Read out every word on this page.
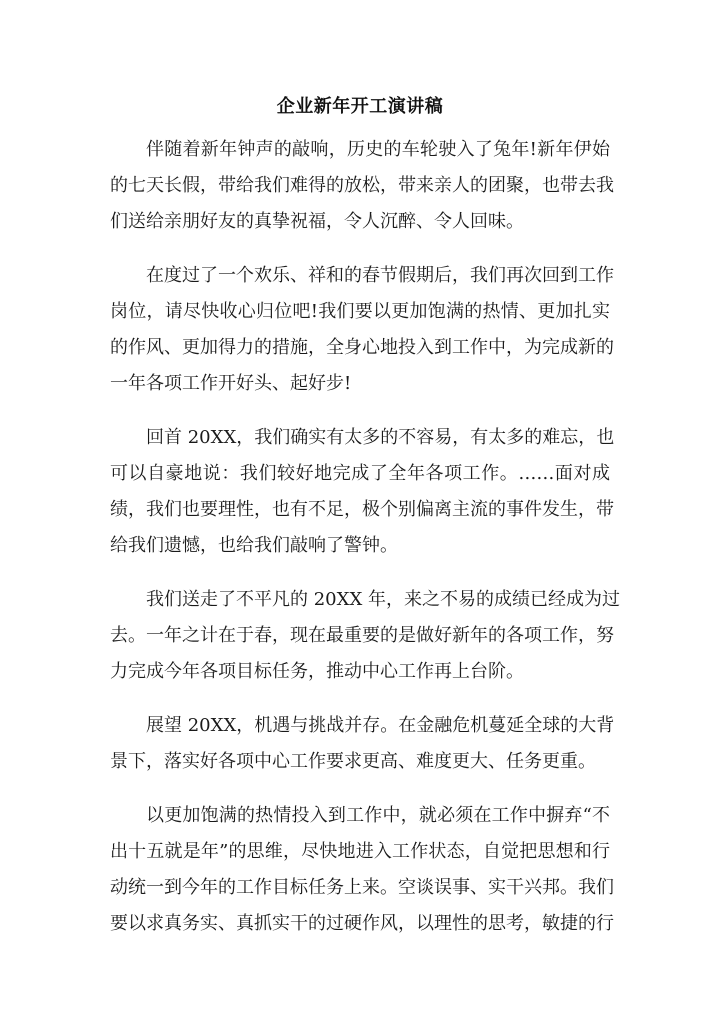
企业新年开工演讲稿
伴随着新年钟声的敲响，历史的车轮驶入了兔年!新年伊始
的七天长假，带给我们难得的放松，带来亲人的团聚，也带去我
们送给亲朋好友的真挚祝福，令人沉醉、令人回味。
在度过了一个欢乐、祥和的春节假期后，我们再次回到工作
岗位，请尽快收心归位吧!我们要以更加饱满的热情、更加扎实
的作风、更加得力的措施，全身心地投入到工作中，为完成新的
一年各项工作开好头、起好步!
回首 20XX，我们确实有太多的不容易，有太多的难忘，也
可以自豪地说：我们较好地完成了全年各项工作。……面对成
绩，我们也要理性，也有不足，极个别偏离主流的事件发生，带
给我们遗憾，也给我们敲响了警钟。
我们送走了不平凡的 20XX 年，来之不易的成绩已经成为过
去。一年之计在于春，现在最重要的是做好新年的各项工作，努
力完成今年各项目标任务，推动中心工作再上台阶。
展望 20XX，机遇与挑战并存。在金融危机蔓延全球的大背
景下，落实好各项中心工作要求更高、难度更大、任务更重。
以更加饱满的热情投入到工作中，就必须在工作中摒弃“不
出十五就是年”的思维，尽快地进入工作状态，自觉把思想和行
动统一到今年的工作目标任务上来。空谈误事、实干兴邦。我们
要以求真务实、真抓实干的过硬作风，以理性的思考，敏捷的行
